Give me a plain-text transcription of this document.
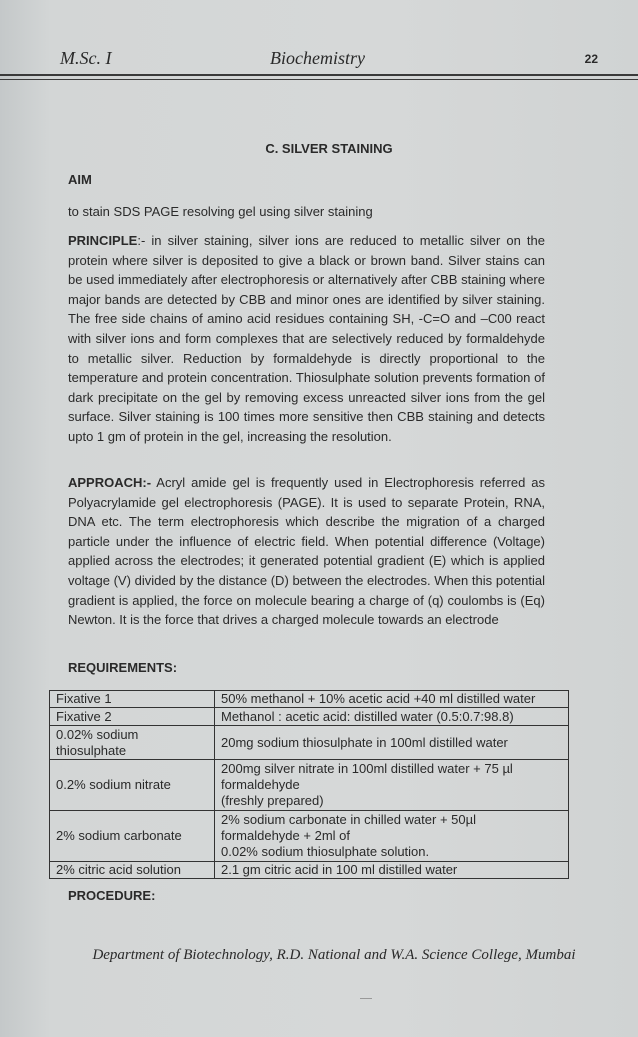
M.Sc. I	Biochemistry	22
C. SILVER STAINING
AIM
to stain SDS PAGE resolving gel using silver staining
PRINCIPLE:- in silver staining, silver ions are reduced to metallic silver on the protein where silver is deposited to give a black or brown band. Silver stains can be used immediately after electrophoresis or alternatively after CBB staining where major bands are detected by CBB and minor ones are identified by silver staining. The free side chains of amino acid residues containing SH, -C=O and –C00 react with silver ions and form complexes that are selectively reduced by formaldehyde to metallic silver. Reduction by formaldehyde is directly proportional to the temperature and protein concentration. Thiosulphate solution prevents formation of dark precipitate on the gel by removing excess unreacted silver ions from the gel surface. Silver staining is 100 times more sensitive then CBB staining and detects upto 1 gm of protein in the gel, increasing the resolution.
APPROACH:- Acryl amide gel is frequently used in Electrophoresis referred as Polyacrylamide gel electrophoresis (PAGE). It is used to separate Protein, RNA, DNA etc. The term electrophoresis which describe the migration of a charged particle under the influence of electric field. When potential difference (Voltage) applied across the electrodes; it generated potential gradient (E) which is applied voltage (V) divided by the distance (D) between the electrodes. When this potential gradient is applied, the force on molecule bearing a charge of (q) coulombs is (Eq) Newton. It is the force that drives a charged molecule towards an electrode
REQUIREMENTS:
Fixative 1	50% methanol + 10% acetic acid +40 ml distilled water

Fixative 2	Methanol : acetic acid: distilled water (0.5:0.7:98.8)

0.02% sodium thiosulphate	20mg sodium thiosulphate in 100ml distilled water

0.2% sodium nitrate	200mg silver nitrate in 100ml distilled water + 75 µl
formaldehyde
(freshly prepared)

2% sodium carbonate	2% sodium carbonate in chilled water + 50µl
formaldehyde + 2ml of
0.02% sodium thiosulphate solution.

2% citric acid solution	2.1 gm citric acid in 100 ml distilled water
PROCEDURE:
Department of Biotechnology, R.D. National and W.A. Science College, Mumbai
